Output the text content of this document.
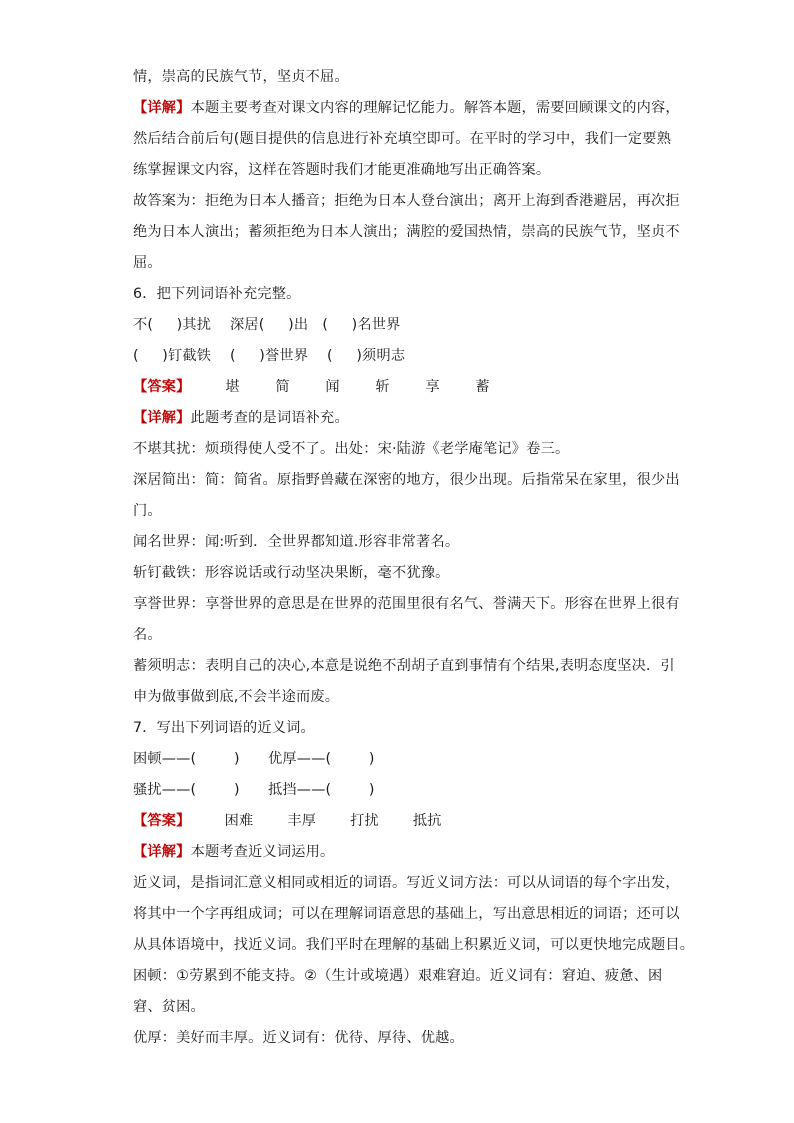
情，崇高的民族气节，坚贞不屈。
【详解】本题主要考查对课文内容的理解记忆能力。解答本题，需要回顾课文的内容，
然后结合前后句(题目提供的信息进行补充填空即可。在平时的学习中，我们一定要熟
练掌握课文内容，这样在答题时我们才能更准确地写出正确答案。
故答案为：拒绝为日本人播音；拒绝为日本人登台演出；离开上海到香港避居，再次拒
绝为日本人演出；蓄须拒绝为日本人演出；满腔的爱国热情，崇高的民族气节，坚贞不
屈。
6．把下列词语补充完整。
不(     )其扰    深居(     )出   (     )名世界
(     )钉截铁    (     )誉世界    (     )须明志
【答案】 堪	简	闻	斩	享	蓄
【详解】此题考查的是词语补充。
不堪其扰：烦琐得使人受不了。出处：宋·陆游《老学庵笔记》卷三。
深居简出：简：简省。原指野兽藏在深密的地方，很少出现。后指常呆在家里，很少出
门。
闻名世界：闻:听到．全世界都知道.形容非常著名。
斩钉截铁：形容说话或行动坚决果断，毫不犹豫。
享誉世界：享誉世界的意思是在世界的范围里很有名气、誉满天下。形容在世界上很有
名。
蓄须明志：表明自己的决心,本意是说绝不刮胡子直到事情有个结果,表明态度坚决．引
申为做事做到底,不会半途而废。
7．写出下列词语的近义词。
困顿——(        )      优厚——(        )
骚扰——(        )      抵挡——(        )
【答案】 困难 丰厚 打扰 抵抗
【详解】本题考查近义词运用。
近义词，是指词汇意义相同或相近的词语。写近义词方法：可以从词语的每个字出发，
将其中一个字再组成词；可以在理解词语意思的基础上，写出意思相近的词语；还可以
从具体语境中，找近义词。我们平时在理解的基础上积累近义词，可以更快地完成题目。
困顿：①劳累到不能支持。②（生计或境遇）艰难窘迫。近义词有：窘迫、疲惫、困
窘、贫困。
优厚：美好而丰厚。近义词有：优待、厚待、优越。
